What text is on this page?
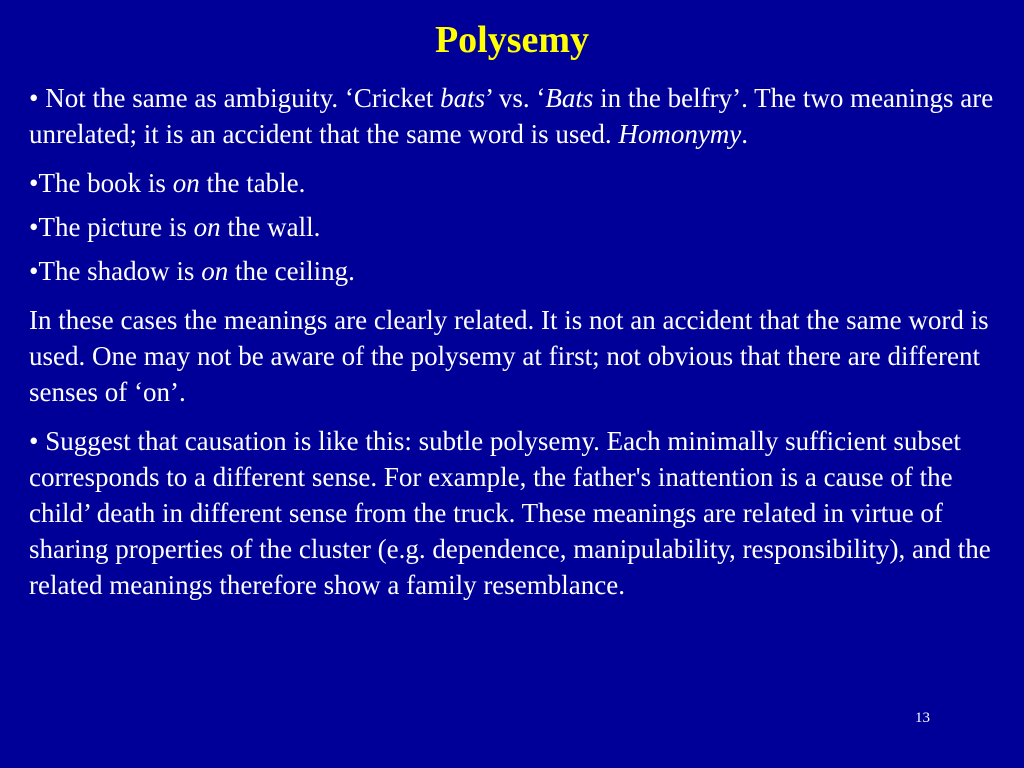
Polysemy

• Not the same as ambiguity. ‘Cricket bats’ vs. ‘Bats in the belfry’. The two meanings are unrelated; it is an accident that the same word is used. Homonymy.

•The book is on the table.

•The picture is on the wall.

•The shadow is on the ceiling.

In these cases the meanings are clearly related. It is not an accident that the same word is used. One may not be aware of the polysemy at first; not obvious that there are different senses of ‘on’.

• Suggest that causation is like this: subtle polysemy. Each minimally sufficient subset corresponds to a different sense. For example, the father's inattention is a cause of the child’ death in different sense from the truck. These meanings are related in virtue of sharing properties of the cluster (e.g. dependence, manipulability, responsibility), and the related meanings therefore show a family resemblance.

13
